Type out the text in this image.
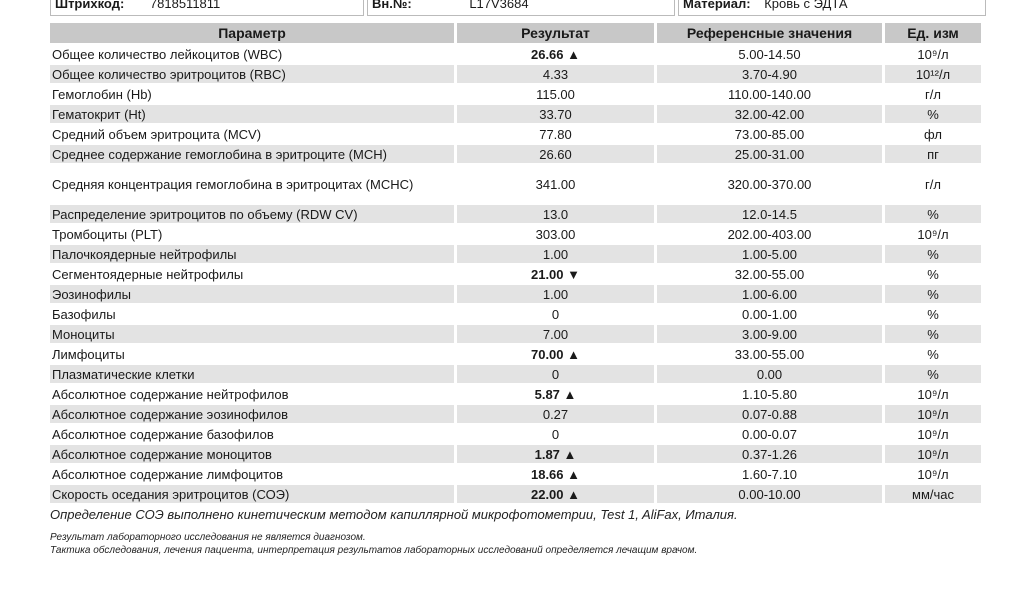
Штрихкод: 7818511811	Вн.№:	L17V3684	Материал: Кровь с ЭДТА
Параметр	Результат	Референсные значения	Ед. изм
Общее количество лейкоцитов (WBC)	26.66 ▲	5.00-14.50	10⁹/л
Общее количество эритроцитов (RBC)	4.33	3.70-4.90	10¹²/л
Гемоглобин (Hb)	115.00	110.00-140.00	г/л
Гематокрит (Ht)	33.70	32.00-42.00	%
Средний объем эритроцита (MCV)	77.80	73.00-85.00	фл
Среднее содержание гемоглобина в эритроците (MCH)	26.60	25.00-31.00	пг
Средняя концентрация гемоглобина в эритроцитах (MCHC)	341.00	320.00-370.00	г/л
Распределение эритроцитов по объему (RDW CV)	13.0	12.0-14.5	%
Тромбоциты (PLT)	303.00	202.00-403.00	10⁹/л
Палочкоядерные нейтрофилы	1.00	1.00-5.00	%
Сегментоядерные нейтрофилы	21.00 ▼	32.00-55.00	%
Эозинофилы	1.00	1.00-6.00	%
Базофилы	0	0.00-1.00	%
Моноциты	7.00	3.00-9.00	%
Лимфоциты	70.00 ▲	33.00-55.00	%
Плазматические клетки	0	0.00	%
Абсолютное содержание нейтрофилов	5.87 ▲	1.10-5.80	10⁹/л
Абсолютное содержание эозинофилов	0.27	0.07-0.88	10⁹/л
Абсолютное содержание базофилов	0	0.00-0.07	10⁹/л
Абсолютное содержание моноцитов	1.87 ▲	0.37-1.26	10⁹/л
Абсолютное содержание лимфоцитов	18.66 ▲	1.60-7.10	10⁹/л
Скорость оседания эритроцитов (СОЭ)	22.00 ▲	0.00-10.00	мм/час
Определение СОЭ выполнено кинетическим методом капиллярной микрофотометрии, Test 1, AliFax, Италия.
Результат лабораторного исследования не является диагнозом.
Тактика обследования, лечения пациента, интерпретация результатов лабораторных исследований определяется лечащим врачом.
